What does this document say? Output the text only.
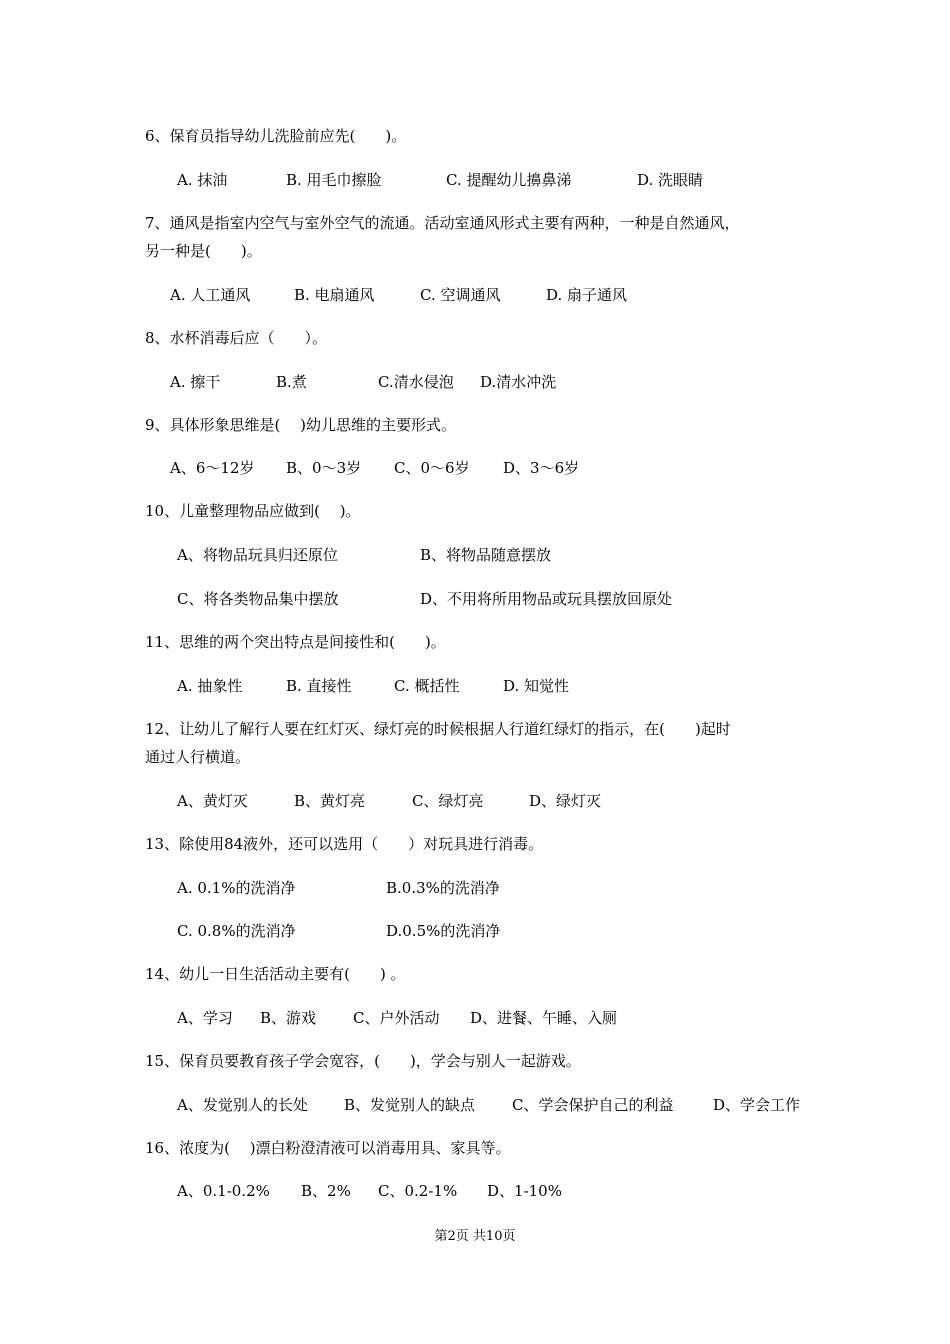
6、保育员指导幼儿洗脸前应先(　　)。
A. 抹油	B. 用毛巾擦脸	C. 提醒幼儿擤鼻涕	D. 洗眼睛
7、通风是指室内空气与室外空气的流通。活动室通风形式主要有两种，一种是自然通风，
另一种是(　　)。
A. 人工通风	B. 电扇通风	C. 空调通风	D. 扇子通风
8、水杯消毒后应（　　）。
A. 擦干	B.煮	C.清水侵泡 D.清水冲洗
9、具体形象思维是(　 )幼儿思维的主要形式。
A、6～12岁 B、0～3岁 C、0～6岁 D、3～6岁
10、儿童整理物品应做到(　 )。
A、将物品玩具归还原位	B、将物品随意摆放
C、将各类物品集中摆放	D、不用将所用物品或玩具摆放回原处
11、思维的两个突出特点是间接性和(　　)。
A. 抽象性	B. 直接性	C. 概括性	D. 知觉性
12、让幼儿了解行人要在红灯灭、绿灯亮的时候根据人行道红绿灯的指示，在(　　)起时
通过人行横道。
A、黄灯灭	B、黄灯亮	C、绿灯亮	D、绿灯灭
13、除使用84液外，还可以选用（　　）对玩具进行消毒。
A. 0.1%的洗消净	B.0.3%的洗消净
C. 0.8%的洗消净	D.0.5%的洗消净
14、幼儿一日生活活动主要有(　　) 。
A、学习 B、游戏 C、户外活动 D、进餐、午睡、入厕
15、保育员要教育孩子学会宽容，(　　)，学会与别人一起游戏。
A、发觉别人的长处 B、发觉别人的缺点 C、学会保护自己的利益	D、学会工作
16、浓度为(　 )漂白粉澄清液可以消毒用具、家具等。
A、0.1-0.2% B、2% C、0.2-1% D、1-10%
第2页 共10页
